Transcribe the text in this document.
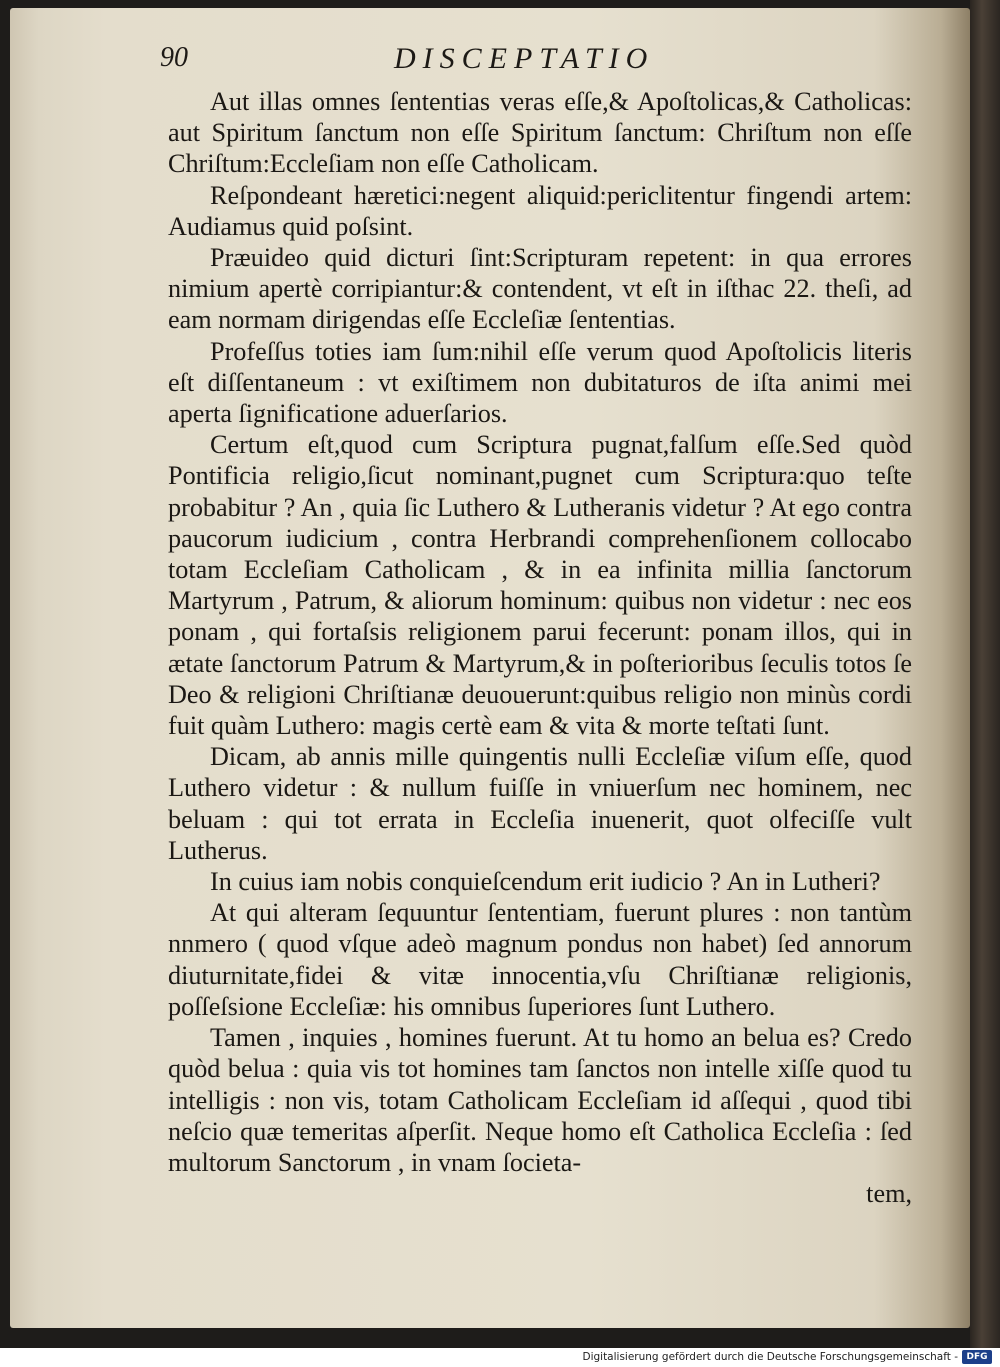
90	DISCEPTATIO

Aut illas omnes ſententias veras eſſe,& Apoſtolicas,& Catholicas: aut Spiritum ſanctum non eſſe Spiritum ſanctum: Chriſtum non eſſe Chriſtum:Eccleſiam non eſſe Catholicam.

Reſpondeant hæretici:negent aliquid:periclitentur fingendi artem: Audiamus quid poſsint.

Præuideo quid dicturi ſint:Scripturam repetent: in qua errores nimium apertè corripiantur:& contendent, vt eſt in iſthac 22. theſi, ad eam normam dirigendas eſſe Eccleſiæ ſententias.

Profeſſus toties iam ſum:nihil eſſe verum quod Apoſtolicis literis eſt diſſentaneum : vt exiſtimem non dubitaturos de iſta animi mei aperta ſignificatione aduerſarios.

Certum eſt,quod cum Scriptura pugnat,falſum eſſe.Sed quòd Pontificia religio,ſicut nominant,pugnet cum Scriptura:quo teſte probabitur ? An , quia ſic Luthero & Lutheranis videtur ? At ego contra paucorum iudicium , contra Herbrandi comprehenſionem collocabo totam Eccleſiam Catholicam , & in ea infinita millia ſanctorum Martyrum , Patrum, & aliorum hominum: quibus non videtur : nec eos ponam , qui fortaſsis religionem parui fecerunt: ponam illos, qui in ætate ſanctorum Patrum & Martyrum,& in poſterioribus ſeculis totos ſe Deo & religioni Chriſtianæ deuouerunt:quibus religio non minùs cordi fuit quàm Luthero: magis certè eam & vita & morte teſtati ſunt.

Dicam, ab annis mille quingentis nulli Eccleſiæ viſum eſſe, quod Luthero videtur : & nullum fuiſſe in vniuerſum nec hominem, nec beluam : qui tot errata in Eccleſia inuenerit, quot olfeciſſe vult Lutherus.

In cuius iam nobis conquieſcendum erit iudicio ? An in Lutheri?

At qui alteram ſequuntur ſententiam, fuerunt plures : non tantùm nnmero ( quod vſque adeò magnum pondus non habet) ſed annorum diuturnitate,fidei & vitæ innocentia,vſu Chriſtianæ religionis, poſſeſsione Eccleſiæ: his omnibus ſuperiores ſunt Luthero.

Tamen , inquies , homines fuerunt. At tu homo an belua es? Credo quòd belua : quia vis tot homines tam ſanctos non intelle xiſſe quod tu intelligis : non vis, totam Catholicam Eccleſiam id aſſequi , quod tibi neſcio quæ temeritas aſperſit. Neque homo eſt Catholica Eccleſia : ſed multorum Sanctorum , in vnam ſocieta-

tem,

Digitalisierung gefördert durch die Deutsche Forschungsgemeinschaft - DFG
